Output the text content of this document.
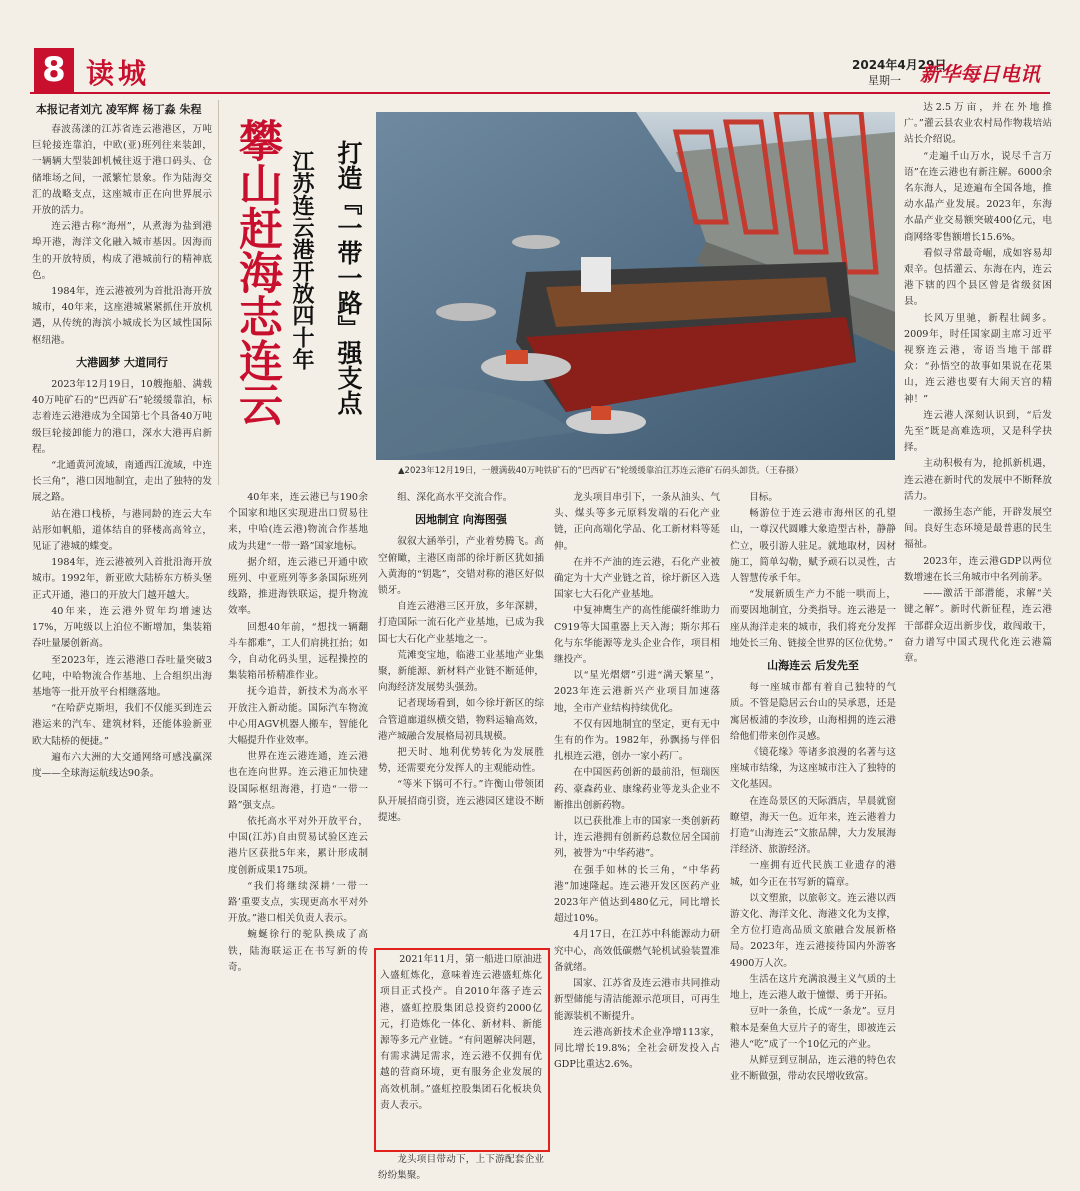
8 读城	2024年4月29日
星期一 新华每日电讯
本报记者刘亢 凌军辉 杨丁淼 朱程

春波荡漾的江苏省连云港港区，万吨巨轮接连靠泊，中欧(亚)班列往来装卸，一辆辆大型装卸机械往返于港口码头、仓储堆场之间，一派繁忙景象。作为陆海交汇的战略支点，这座城市正在向世界展示开放的活力。

连云港古称“海州”，从煮海为盐到港埠开港，海洋文化融入城市基因。因海而生的开放特质，构成了港城前行的精神底色。

1984年，连云港被列为首批沿海开放城市，40年来，这座港城紧紧抓住开放机遇，从传统的海滨小城成长为区域性国际枢纽港。

大港圆梦 大道同行

2023年12月19日，10艘拖船、满载40万吨矿石的“巴西矿石”轮缓缓靠泊，标志着连云港港成为全国第七个具备40万吨级巨轮接卸能力的港口，深水大港再启新程。

“北通黄河流域，南通西江流域，中连长三角”，港口因地制宜，走出了独特的发展之路。

站在港口栈桥，与港同龄的连云大车站形如帆船，道体结自的驿楼高高耸立，见证了港城的蝶变。

1984年，连云港被列入首批沿海开放城市。1992年，新亚欧大陆桥东方桥头堡正式开通，港口的开放大门越开越大。

40年来，连云港外贸年均增速达17%，万吨级以上泊位不断增加，集装箱吞吐量屡创新高。

至2023年，连云港港口吞吐量突破3亿吨，中哈物流合作基地、上合组织出海基地等一批开放平台相继落地。

“在哈萨克斯坦，我们不仅能买到连云港运来的汽车、建筑材料，还能体验新亚欧大陆桥的便捷。”

遍布六大洲的大交通网络可感浅赢深度——全球海运航线达90条。

攀山赶海志连云 打造『一带一路』强支点
江苏连云港开放四十年
▲2023年12月19日，一艘满载40万吨铁矿石的“巴西矿石”轮缓缓靠泊江苏连云港矿石码头卸货。（王春摄）

40年来，连云港已与190余个国家和地区实现进出口贸易往来，中哈(连云港)物流合作基地成为共建“一带一路”国家地标。

据介绍，连云港已开通中欧班列、中亚班列等多条国际班列线路，推进海铁联运，提升物流效率。

回想40年前，“想找一辆翻斗车都难”，工人们肩挑扛抬；如今，自动化码头里，远程操控的集装箱吊桥精准作业。

抚今追昔，新技术为高水平开放注入新动能。国际汽车物流中心用AGV机器人搬车，智能化大幅提升作业效率。

世界在连云港连通，连云港也在连向世界。连云港正加快建设国际枢纽海港，打造“一带一路”强支点。

依托高水平对外开放平台，中国(江苏)自由贸易试验区连云港片区获批5年来，累计形成制度创新成果175项。

“我们将继续深耕‘一带一路’重要支点，实现更高水平对外开放。”港口相关负责人表示。

蜿蜒徐行的驼队换成了高铁，陆海联运正在书写新的传奇。

组、深化高水平交流合作。

因地制宜 向海图强

叙叙大涵举引，产业着势腾飞。高空俯瞰，主港区南部的徐圩新区犹如插入黄海的“钥匙”，交错对称的港区好似锁牙。

自连云港港三区开放，多年深耕，打造国际一流石化产业基地，已成为我国七大石化产业基地之一。

荒滩变宝地，临港工业基地产业集聚，新能源、新材料产业链不断延伸，向海经济发展势头强劲。

记者现场看到，如今徐圩新区的综合管道廊道纵横交错，物料运输高效，港产城融合发展格局初具规模。

把天时、地利优势转化为发展胜势，还需要充分发挥人的主观能动性。

“等米下锅可不行。”许衡山带领团队开展招商引资，连云港园区建设不断提速。

2021年11月，第一船进口原油进入盛虹炼化，意味着连云港盛虹炼化项目正式投产。自2010年落子连云港，盛虹控股集团总投资约2000亿元，打造炼化一体化、新材料、新能源等多元产业链。“有问题解决问题，有需求满足需求，连云港不仅拥有优越的营商环境，更有服务企业发展的高效机制。”盛虹控股集团石化板块负责人表示。

龙头项目带动下，上下游配套企业纷纷集聚。

龙头项目串引下，一条从油头、气头、煤头等多元原料发端的石化产业链，正向高端化学品、化工新材料等延伸。

在并不产油的连云港，石化产业被确定为十大产业链之首，徐圩新区入选国家七大石化产业基地。

中复神鹰生产的高性能碳纤维助力C919等大国重器上天入海；斯尔邦石化与东华能源等龙头企业合作，项目相继投产。

以“星光熠熠”引进“满天繁星”，2023年连云港新兴产业项目加速落地，全市产业结构持续优化。

不仅有因地制宜的坚定，更有无中生有的作为。1982年，孙飘扬与伴侣扎根连云港，创办一家小药厂。

在中国医药创新的最前沿，恒瑞医药、豪森药业、康缘药业等龙头企业不断推出创新药物。

以已获批准上市的国家一类创新药计，连云港拥有创新药总数位居全国前列，被誉为“中华药港”。

在强手如林的长三角，“中华药港”加速隆起。连云港开发区医药产业2023年产值达到480亿元，同比增长超过10%。

4月17日，在江苏中科能源动力研究中心，高效低碳燃气轮机试验装置准备就绪。

国家、江苏省及连云港市共同推动新型储能与清洁能源示范项目，可再生能源装机不断提升。

连云港高新技术企业净增113家，同比增长19.8%；全社会研发投入占GDP比重达2.6%。

目标。

畅游位于连云港市海州区的孔望山，一尊汉代圆雕大象造型古朴，静静伫立，吸引游人驻足。就地取材，因材施工，简单勾勒，赋予顽石以灵性，古人智慧传承千年。

“发展新质生产力不能一哄而上，而要因地制宜，分类指导。连云港是一座从海洋走来的城市，我们将充分发挥地处长三角、链接全世界的区位优势。”

山海连云 后发先至

每一座城市都有着自己独特的气质。不管是隐居云台山的吴承恩，还是寓居板浦的李汝珍，山海相拥的连云港给他们带来创作灵感。

《镜花缘》等诸多浪漫的名著与这座城市结缘，为这座城市注入了独特的文化基因。

在连岛景区的天际酒店，旱晨就窗瞭望，海天一色。近年来，连云港着力打造“山海连云”文旅品牌，大力发展海洋经济、旅游经济。

一座拥有近代民族工业遗存的港城，如今正在书写新的篇章。

以文塑旅，以旅彰文。连云港以西游文化、海洋文化、海港文化为支撑，全方位打造高品质文旅融合发展新格局。2023年，连云港接待国内外游客4900万人次。

生活在这片充满浪漫主义气质的土地上，连云港人敢于憧憬、勇于开拓。

豆叶一条鱼，长成“一条龙”。豆月粮本是秦鱼大豆片子的寄生，即被连云港人“吃”成了一个10亿元的产业。

从鲜豆到豆制品，连云港的特色农业不断做强，带动农民增收致富。

达2.5万亩，并在外地推广。”灌云县农业农村局作物栽培站站长介绍说。

“走遍千山万水，说尽千言万语”在连云港也有新注解。6000余名东海人，足迹遍布全国各地，推动水晶产业发展。2023年，东海水晶产业交易额突破400亿元，电商网络零售额增长15.6%。

看似寻常最奇崛，成如容易却艰辛。包括灌云、东海在内，连云港下辖的四个县区曾是省级贫困县。

长风万里驰，新程壮阔多。2009年，时任国家副主席习近平视察连云港，寄语当地干部群众：“孙悟空的故事如果说在花果山，连云港也要有大闹天宫的精神！”

连云港人深刻认识到，“后发先至”既是高难选项，又是科学抉择。

主动积极有为，抢抓新机遇，连云港在新时代的发展中不断释放活力。

一激扬生态产能，开辟发展空间。良好生态环境是最普惠的民生福祉。

2023年，连云港GDP以两位数增速在长三角城市中名列前茅。

——激活干部潜能，求解“关键之解”。新时代新征程，连云港干部群众迈出新步伐，敢闯敢干，奋力谱写中国式现代化连云港篇章。
